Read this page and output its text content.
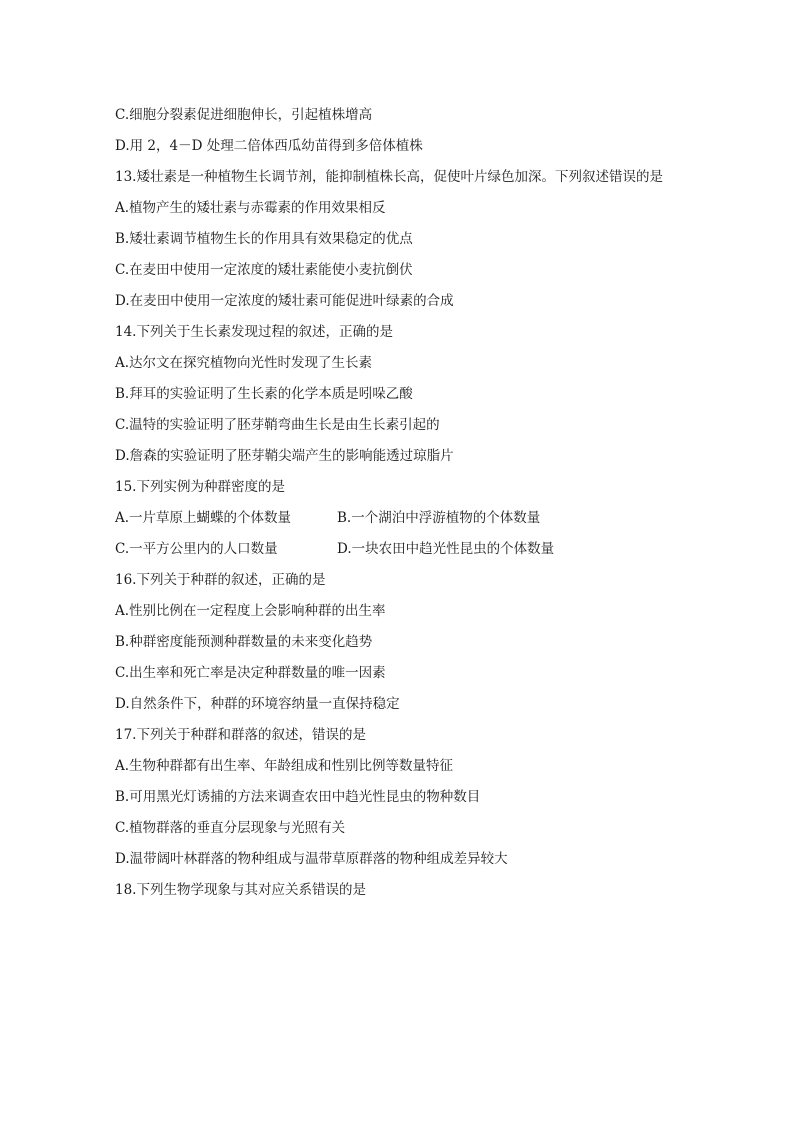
C.细胞分裂素促进细胞伸长，引起植株增高
D.用 2，4－D 处理二倍体西瓜幼苗得到多倍体植株
13.矮壮素是一种植物生长调节剂，能抑制植株长高，促使叶片绿色加深。下列叙述错误的是
A.植物产生的矮壮素与赤霉素的作用效果相反
B.矮壮素调节植物生长的作用具有效果稳定的优点
C.在麦田中使用一定浓度的矮壮素能使小麦抗倒伏
D.在麦田中使用一定浓度的矮壮素可能促进叶绿素的合成
14.下列关于生长素发现过程的叙述，正确的是
A.达尔文在探究植物向光性时发现了生长素
B.拜耳的实验证明了生长素的化学本质是吲哚乙酸
C.温特的实验证明了胚芽鞘弯曲生长是由生长素引起的
D.詹森的实验证明了胚芽鞘尖端产生的影响能透过琼脂片
15.下列实例为种群密度的是
A.一片草原上蝴蝶的个体数量	B.一个湖泊中浮游植物的个体数量
C.一平方公里内的人口数量	D.一块农田中趋光性昆虫的个体数量
16.下列关于种群的叙述，正确的是
A.性别比例在一定程度上会影响种群的出生率
B.种群密度能预测种群数量的未来变化趋势
C.出生率和死亡率是决定种群数量的唯一因素
D.自然条件下，种群的环境容纳量一直保持稳定
17.下列关于种群和群落的叙述，错误的是
A.生物种群都有出生率、年龄组成和性别比例等数量特征
B.可用黑光灯诱捕的方法来调查农田中趋光性昆虫的物种数目
C.植物群落的垂直分层现象与光照有关
D.温带阔叶林群落的物种组成与温带草原群落的物种组成差异较大
18.下列生物学现象与其对应关系错误的是
